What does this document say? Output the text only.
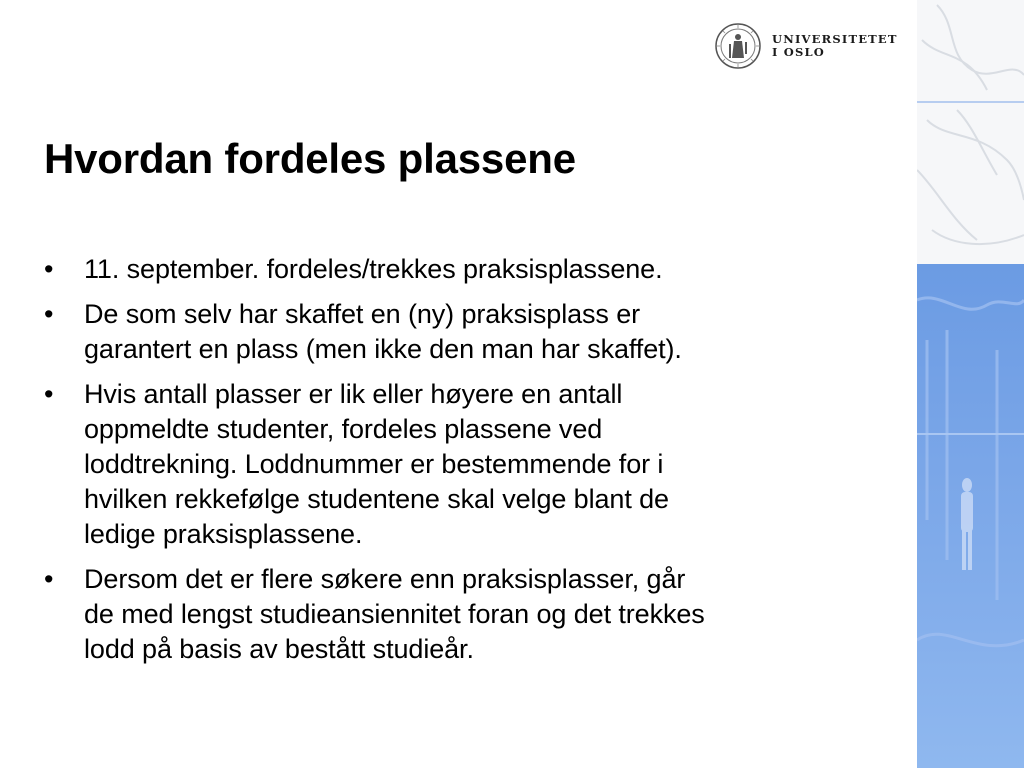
UNIVERSITETET
I OSLO
Hvordan fordeles plassene
• 11. september. fordeles/trekkes praksisplassene.
• De som selv har skaffet en (ny) praksisplass er
garantert en plass (men ikke den man har skaffet).
• Hvis antall plasser er lik eller høyere en antall
oppmeldte studenter, fordeles plassene ved
loddtrekning. Loddnummer er bestemmende for i
hvilken rekkefølge studentene skal velge blant de
ledige praksisplassene.
• Dersom det er flere søkere enn praksisplasser, går
de med lengst studieansiennitet foran og det trekkes
lodd på basis av bestått studieår.
